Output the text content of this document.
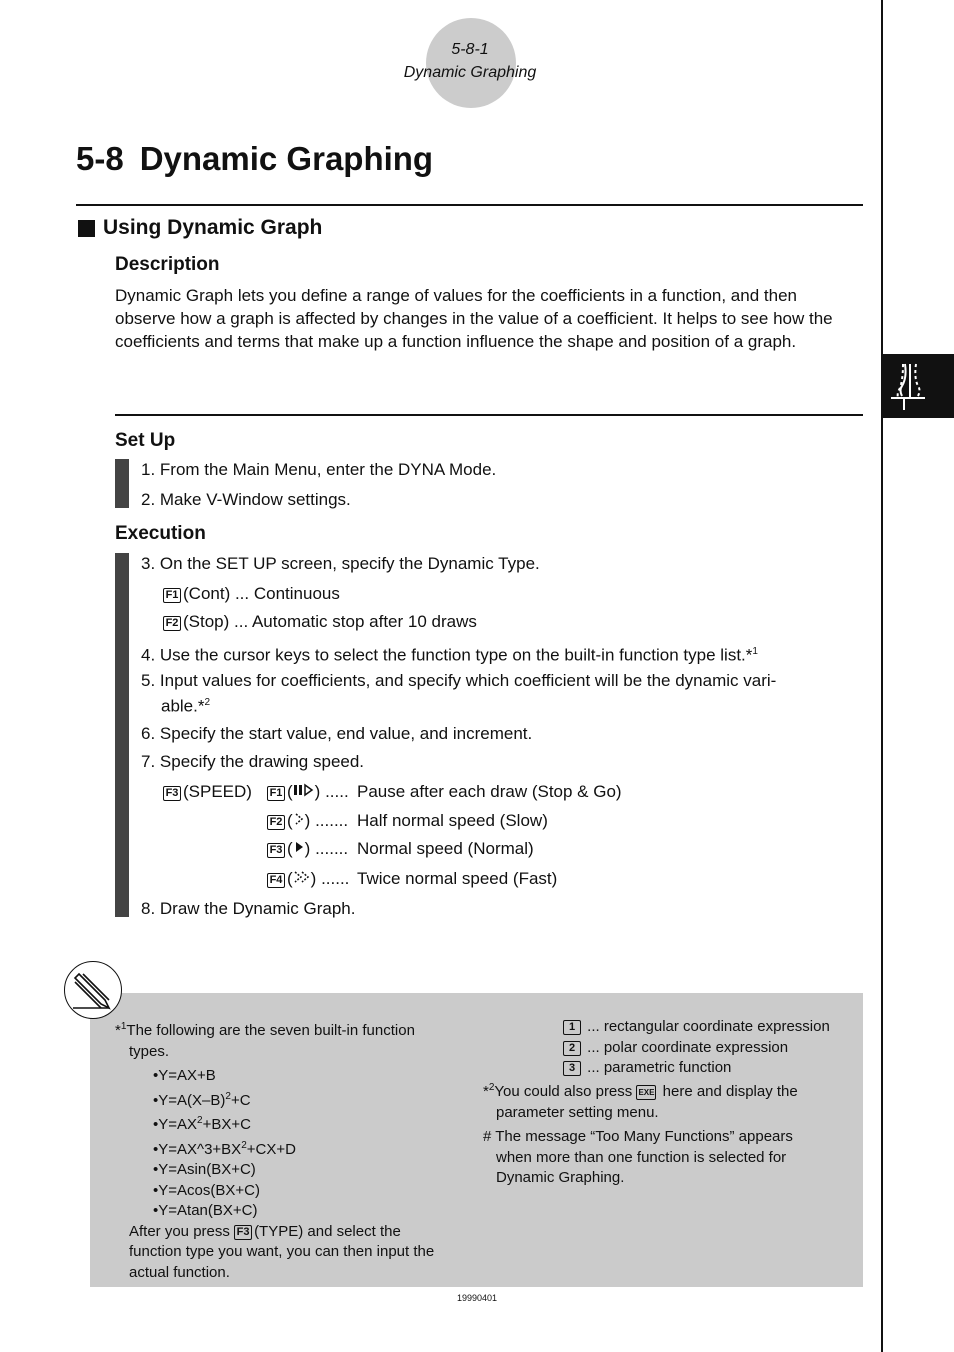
5-8-1
Dynamic Graphing
5-8 Dynamic Graphing
Using Dynamic Graph
Description
Dynamic Graph lets you define a range of values for the coefficients in a function, and then observe how a graph is affected by changes in the value of a coefficient. It helps to see how the coefficients and terms that make up a function influence the shape and position of a graph.
Set Up
1. From the Main Menu, enter the DYNA Mode.
2. Make V-Window settings.
Execution
3. On the SET UP screen, specify the Dynamic Type.
F1 (Cont) ... Continuous
F2 (Stop) ... Automatic stop after 10 draws
4. Use the cursor keys to select the function type on the built-in function type list.*$^1$
5. Input values for coefficients, and specify which coefficient will be the dynamic vari-
able.*$^2$
6. Specify the start value, end value, and increment.
7. Specify the drawing speed.
F3 (SPEED) F1 ( ) ..... Pause after each draw (Stop & Go)
F2 ( ) ....... Half normal speed (Slow)
F3 ( ) ....... Normal speed (Normal)
F4 ( ) ...... Twice normal speed (Fast)
8. Draw the Dynamic Graph.
*$^1$The following are the seven built-in function
types.
•Y=AX+B
$•Y=A(X-B)^2+C$
$•Y=AX^2+BX+C$
$•Y=AX\^{}3+BX^2+CX+D$
•Y=Asin(BX+C)
•Y=Acos(BX+C)
•Y=Atan(BX+C)
After you press F3 (TYPE) and select the
function type you want, you can then input the
actual function.
1 ... rectangular coordinate expression
2 ... polar coordinate expression
3 ... parametric function
*$^2$You could also press EXE here and display the
parameter setting menu.
# The message “Too Many Functions” appears
when more than one function is selected for
Dynamic Graphing.
19990401
